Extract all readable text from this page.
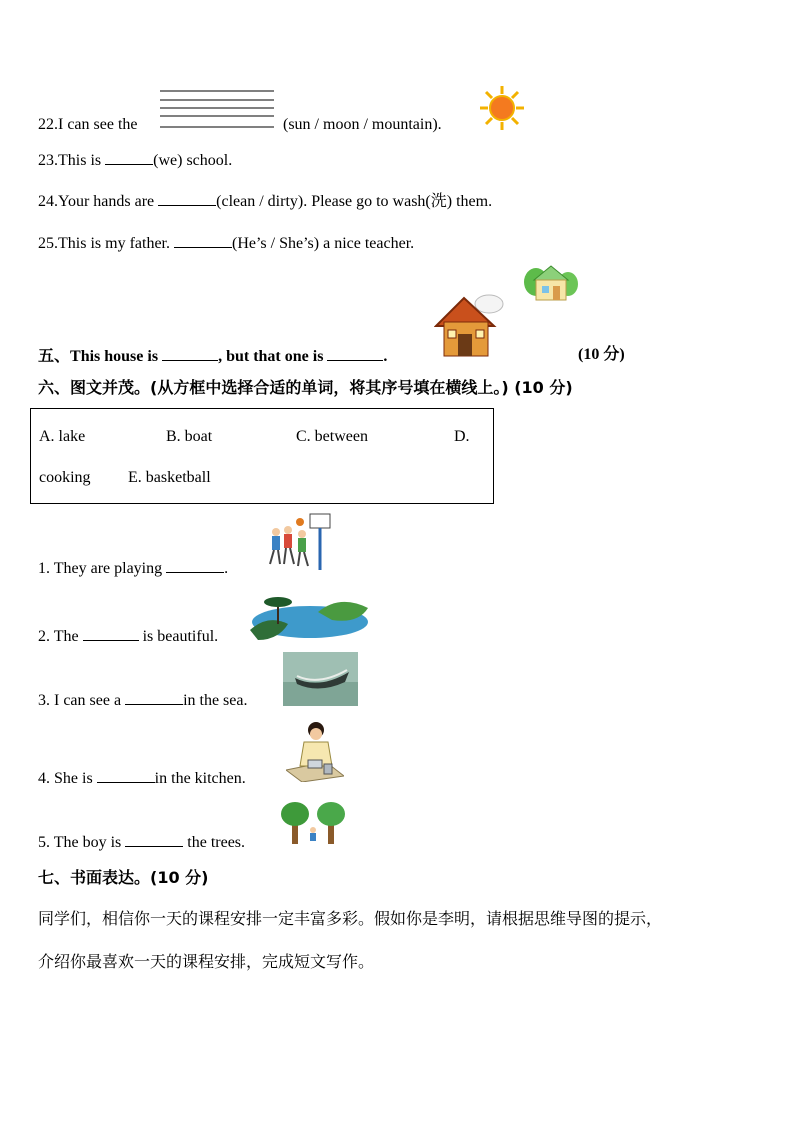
22.I can see the	(sun / moon / mountain).
23.This is	(we) school.
24.Your hands are	(clean / dirty). Please go to wash(洗) them.
25.This is my father.	(He’s / She’s) a nice teacher.
五、This house is	, but that one is	.	(10 分)
六、图文并茂。(从方框中选择合适的单词，将其序号填在横线上。) (10 分)
A. lake	B. boat	C. between	D.
cooking E. basketball
1. They are playing	.
2. The	is beautiful.
3. I can see a	in the sea.
4. She is	in the kitchen.
5. The boy is	the trees.
七、书面表达。(10 分)
同学们，相信你一天的课程安排一定丰富多彩。假如你是李明，请根据思维导图的提示，
介绍你最喜欢一天的课程安排，完成短文写作。
